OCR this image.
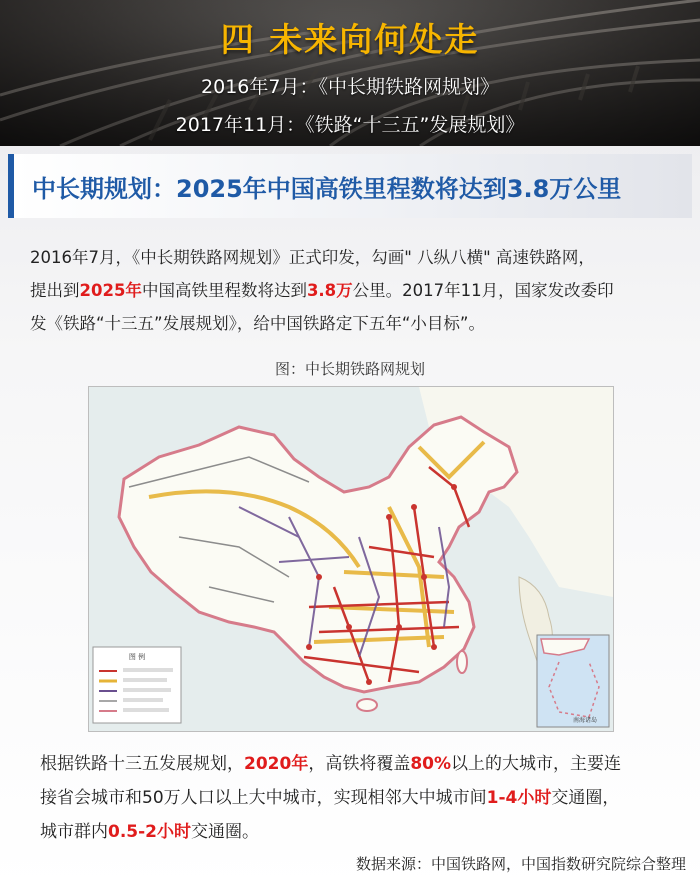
四 未来向何处走
2016年7月：《中长期铁路网规划》
2017年11月：《铁路“十三五”发展规划》
中长期规划：2025年中国高铁里程数将达到3.8万公里
2016年7月，《中长期铁路网规划》正式印发，勾画" 八纵八横" 高速铁路网，
提出到2025年中国高铁里程数将达到3.8万公里。2017年11月，国家发改委印
发《铁路“十三五”发展规划》，给中国铁路定下五年“小目标”。
图：中长期铁路网规划
图 例
南海诸岛
根据铁路十三五发展规划，2020年，高铁将覆盖80%以上的大城市，主要连
接省会城市和50万人口以上大中城市，实现相邻大中城市间1-4小时交通圈，
城市群内0.5-2小时交通圈。
数据来源：中国铁路网，中国指数研究院综合整理
